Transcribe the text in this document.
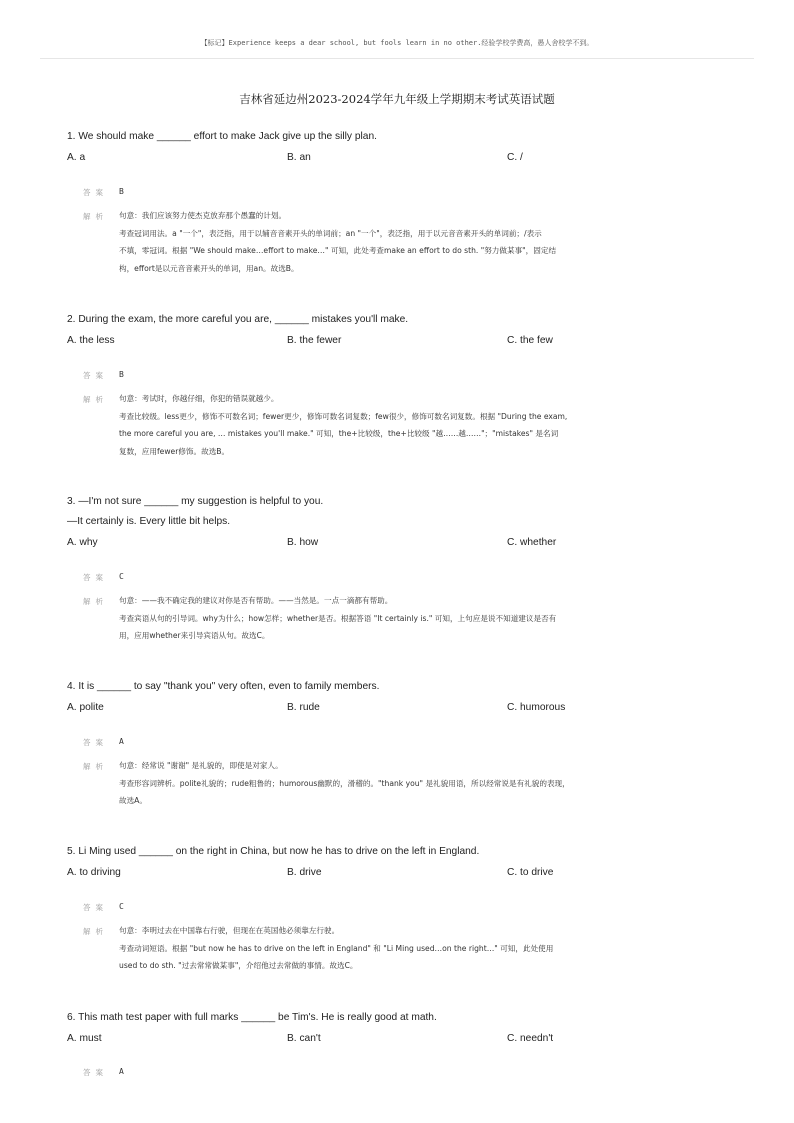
【标记】Experience keeps a dear school, but fools learn in no other.经验学校学费高，愚人舍校学不到。
吉林省延边州2023-2024学年九年级上学期期末考试英语试题
1. We should make ______ effort to make Jack give up the silly plan.
A. a	B. an	C. /
答案 B
解析 句意：我们应该努力使杰克放弃那个愚蠢的计划。
考查冠词用法。a "一个"，表泛指，用于以辅音音素开头的单词前；an "一个"，表泛指，用于以元音音素开头的单词前；/表示
不填，零冠词。根据 "We should make…effort to make…" 可知，此处考查make an effort to do sth. "努力做某事"，固定结
构，effort是以元音音素开头的单词，用an。故选B。
2. During the exam, the more careful you are, ______ mistakes you'll make.
A. the less	B. the fewer	C. the few
答案 B
解析 句意：考试时，你越仔细，你犯的错误就越少。
考查比较级。less更少，修饰不可数名词；fewer更少，修饰可数名词复数；few很少，修饰可数名词复数。根据 "During the exam,
the more careful you are, … mistakes you'll make." 可知，the+比较级，the+比较级 "越……越……"；"mistakes" 是名词
复数，应用fewer修饰。故选B。
3. —I'm not sure ______ my suggestion is helpful to you.
—It certainly is. Every little bit helps.
A. why	B. how	C. whether
答案 C
解析 句意：——我不确定我的建议对你是否有帮助。——当然是。一点一滴都有帮助。
考查宾语从句的引导词。why为什么；how怎样；whether是否。根据答语 "It certainly is." 可知，上句应是说不知道建议是否有
用，应用whether来引导宾语从句。故选C。
4. It is ______ to say "thank you" very often, even to family members.
A. polite	B. rude	C. humorous
答案 A
解析 句意：经常说 "谢谢" 是礼貌的，即使是对家人。
考查形容词辨析。polite礼貌的；rude粗鲁的；humorous幽默的，滑稽的。"thank you" 是礼貌用语，所以经常说是有礼貌的表现，
故选A。
5. Li Ming used ______ on the right in China, but now he has to drive on the left in England.
A. to driving	B. drive	C. to drive
答案 C
解析 句意：李明过去在中国靠右行驶，但现在在英国他必须靠左行驶。
考查动词短语。根据 "but now he has to drive on the left in England" 和 "Li Ming used…on the right…" 可知，此处使用
used to do sth. "过去常常做某事"，介绍他过去常做的事情。故选C。
6. This math test paper with full marks ______ be Tim's. He is really good at math.
A. must	B. can't	C. needn't
答案 A
